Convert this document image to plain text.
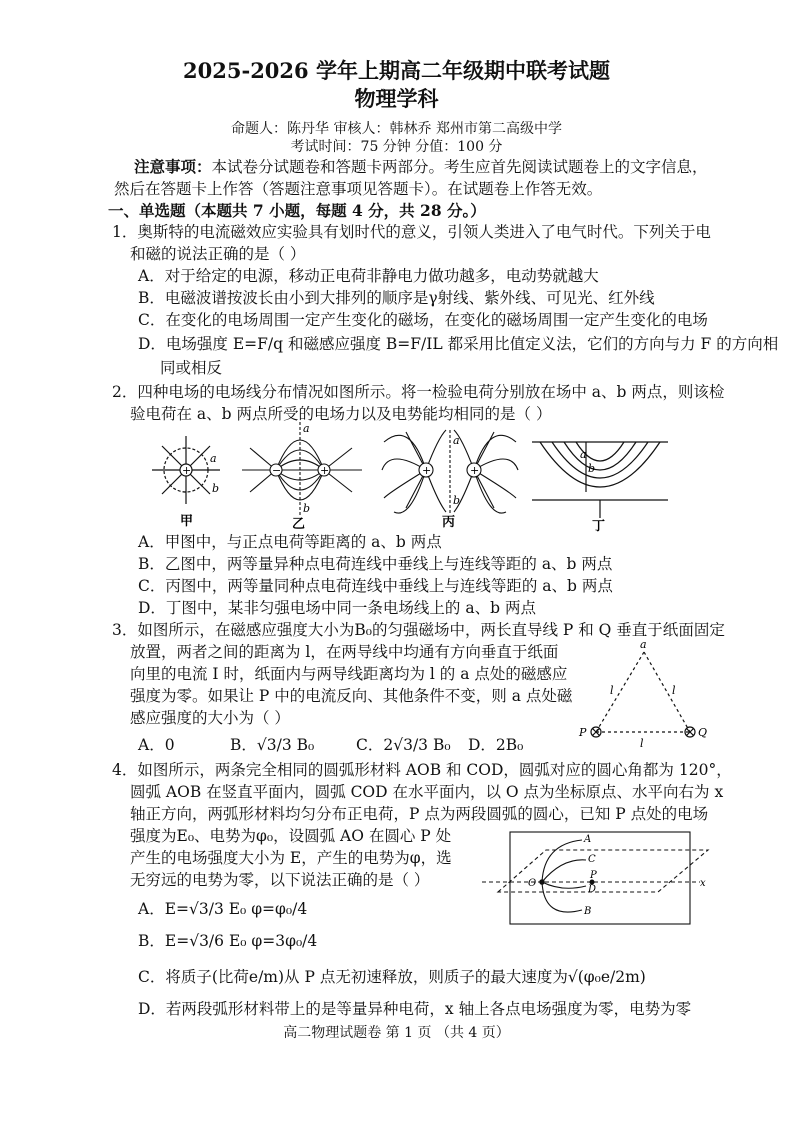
2025-2026 学年上期高二年级期中联考试题
物理学科
命题人：陈丹华 审核人：韩林乔 郑州市第二高级中学
考试时间：75 分钟 分值：100 分
注意事项：本试卷分试题卷和答题卡两部分。考生应首先阅读试题卷上的文字信息，
然后在答题卡上作答（答题注意事项见答题卡）。在试题卷上作答无效。
一、单选题（本题共 7 小题，每题 4 分，共 28 分。）
1．奥斯特的电流磁效应实验具有划时代的意义，引领人类进入了电气时代。下列关于电
和磁的说法正确的是（ ）
A．对于给定的电源，移动正电荷非静电力做功越多，电动势就越大
B．电磁波谱按波长由小到大排列的顺序是γ射线、紫外线、可见光、红外线
C．在变化的电场周围一定产生变化的磁场，在变化的磁场周围一定产生变化的电场
D．电场强度 E=F/q 和磁感应强度 B=F/IL 都采用比值定义法，它们的方向与力 F 的方向相
同或相反
2．四种电场的电场线分布情况如图所示。将一检验电荷分别放在场中 a、b 两点，则该检
验电荷在 a、b 两点所受的电场力以及电势能均相同的是（ ）
+
a
b
甲
−	+
a
b
乙
+	+
a
b
丙
a
b
丁
A．甲图中，与正点电荷等距离的 a、b 两点
B．乙图中，两等量异种点电荷连线中垂线上与连线等距的 a、b 两点
C．丙图中，两等量同种点电荷连线中垂线上与连线等距的 a、b 两点
D．丁图中，某非匀强电场中同一条电场线上的 a、b 两点
3．如图所示，在磁感应强度大小为B₀的匀强磁场中，两长直导线 P 和 Q 垂直于纸面固定
放置，两者之间的距离为 l，在两导线中均通有方向垂直于纸面
向里的电流 I 时，纸面内与两导线距离均为 l 的 a 点处的磁感应
强度为零。如果让 P 中的电流反向、其他条件不变，则 a 点处磁
感应强度的大小为（ ）
a
l	l
l
P	Q
A．0	B．√3/3 B₀	C．2√3/3 B₀ D．2B₀
4．如图所示，两条完全相同的圆弧形材料 AOB 和 COD，圆弧对应的圆心角都为 120°，
圆弧 AOB 在竖直平面内，圆弧 COD 在水平面内，以 O 点为坐标原点、水平向右为 x
轴正方向，两弧形材料均匀分布正电荷，P 点为两段圆弧的圆心，已知 P 点处的电场
强度为E₀、电势为φ₀，设圆弧 AO 在圆心 P 处
产生的电场强度大小为 E，产生的电势为φ，选
无穷远的电势为零，以下说法正确的是（ ）
A
B
C
D
O
P
x
A．E=√3/3 E₀ φ=φ₀/4
B．E=√3/6 E₀ φ=3φ₀/4
C．将质子(比荷e/m)从 P 点无初速释放，则质子的最大速度为√(φ₀e/2m)
D．若两段弧形材料带上的是等量异种电荷，x 轴上各点电场强度为零，电势为零
高二物理试题卷 第 1 页 （共 4 页）
